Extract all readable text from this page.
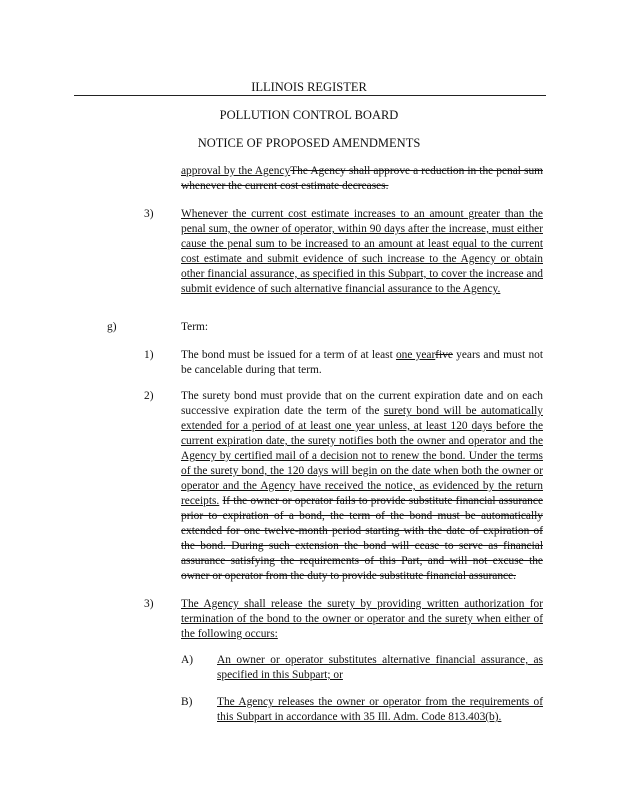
ILLINOIS REGISTER
POLLUTION CONTROL BOARD
NOTICE OF PROPOSED AMENDMENTS
approval by the AgencyThe Agency shall approve a reduction in the penal sum whenever the current cost estimate decreases.
3) Whenever the current cost estimate increases to an amount greater than the penal sum, the owner of operator, within 90 days after the increase, must either cause the penal sum to be increased to an amount at least equal to the current cost estimate and submit evidence of such increase to the Agency or obtain other financial assurance, as specified in this Subpart, to cover the increase and submit evidence of such alternative financial assurance to the Agency.
g)	Term:
1) The bond must be issued for a term of at least one yearfive years and must not be cancelable during that term.
2) The surety bond must provide that on the current expiration date and on each successive expiration date the term of the surety bond will be automatically extended for a period of at least one year unless, at least 120 days before the current expiration date, the surety notifies both the owner and operator and the Agency by certified mail of a decision not to renew the bond. Under the terms of the surety bond, the 120 days will begin on the date when both the owner or operator and the Agency have received the notice, as evidenced by the return receipts. If the owner or operator fails to provide substitute financial assurance prior to expiration of a bond, the term of the bond must be automatically extended for one twelve-month period starting with the date of expiration of the bond. During such extension the bond will cease to serve as financial assurance satisfying the requirements of this Part, and will not excuse the owner or operator from the duty to provide substitute financial assurance.
3) The Agency shall release the surety by providing written authorization for termination of the bond to the owner or operator and the surety when either of the following occurs:
A) An owner or operator substitutes alternative financial assurance, as specified in this Subpart; or
B) The Agency releases the owner or operator from the requirements of this Subpart in accordance with 35 Ill. Adm. Code 813.403(b).
